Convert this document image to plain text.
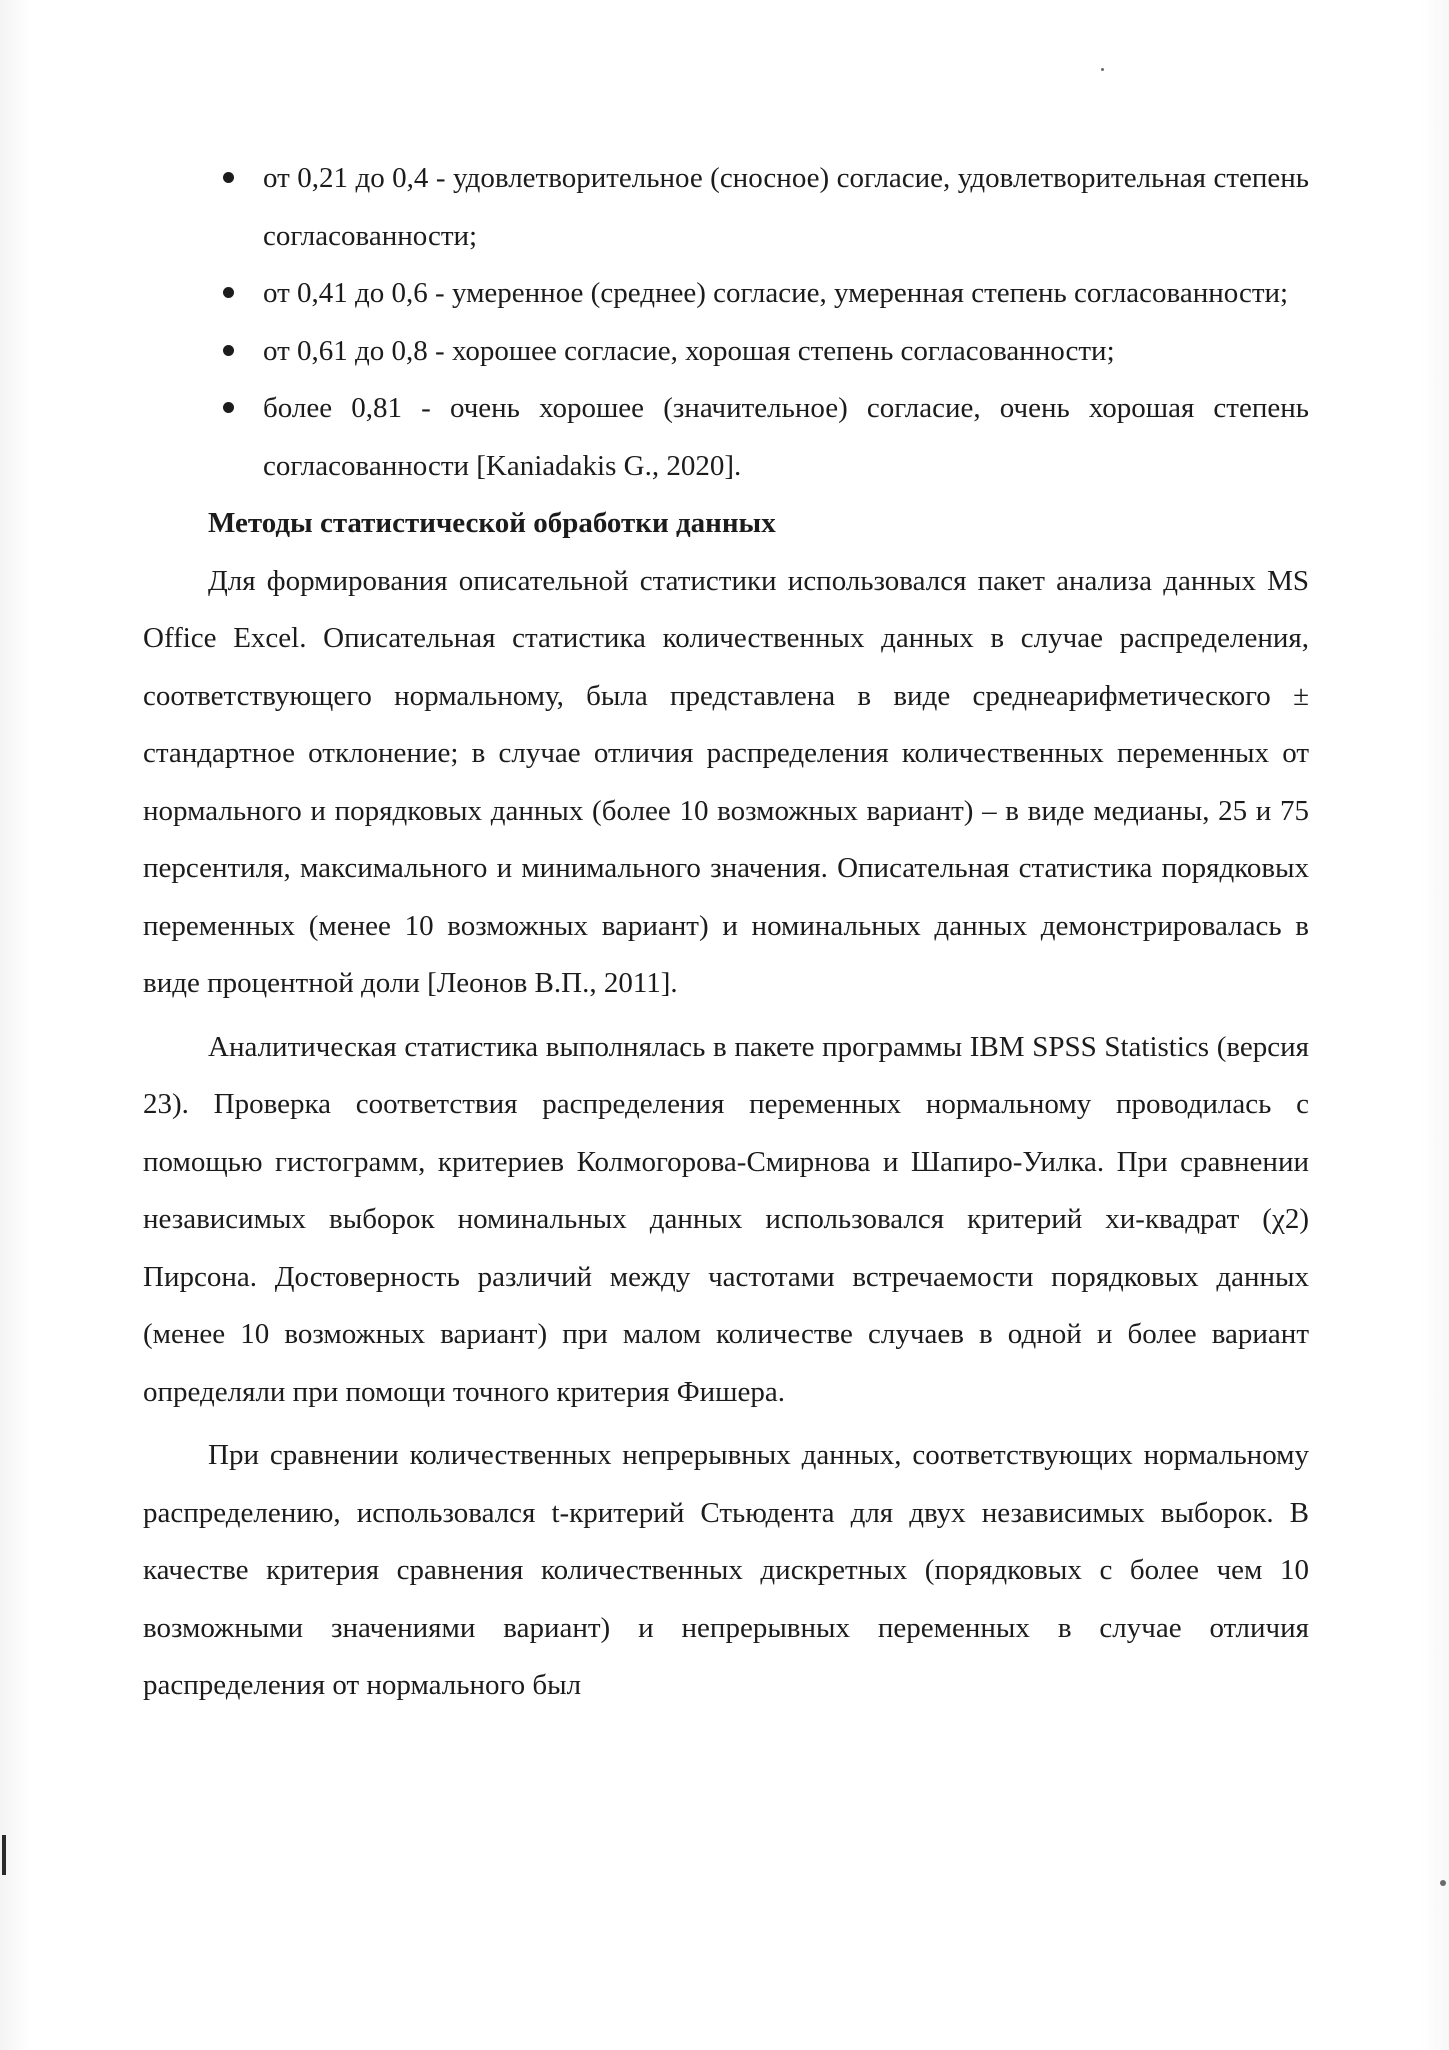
от 0,21 до 0,4 - удовлетворительное (сносное) согласие, удовлетворительная степень согласованности;
от 0,41 до 0,6 - умеренное (среднее) согласие, умеренная степень согласованности;
от 0,61 до 0,8 - хорошее согласие, хорошая степень согласованности;
более 0,81 - очень хорошее (значительное) согласие, очень хорошая степень согласованности [Kaniadakis G., 2020].

Методы статистической обработки данных

Для формирования описательной статистики использовался пакет анализа данных MS Office Excel. Описательная статистика количественных данных в случае распределения, соответствующего нормальному, была представлена в виде среднеарифметического ± стандартное отклонение; в случае отличия распределения количественных переменных от нормального и порядковых данных (более 10 возможных вариант) – в виде медианы, 25 и 75 персентиля, максимального и минимального значения. Описательная статистика порядковых переменных (менее 10 возможных вариант) и номинальных данных демонстрировалась в виде процентной доли [Леонов В.П., 2011].

Аналитическая статистика выполнялась в пакете программы IBM SPSS Statistics (версия 23). Проверка соответствия распределения переменных нормальному проводилась с помощью гистограмм, критериев Колмогорова-Смирнова и Шапиро-Уилка. При сравнении независимых выборок номинальных данных использовался критерий хи-квадрат (χ2) Пирсона. Достоверность различий между частотами встречаемости порядковых данных (менее 10 возможных вариант) при малом количестве случаев в одной и более вариант определяли при помощи точного критерия Фишера.

При сравнении количественных непрерывных данных, соответствующих нормальному распределению, использовался t-критерий Стьюдента для двух независимых выборок. В качестве критерия сравнения количественных дискретных (порядковых с более чем 10 возможными значениями вариант) и непрерывных переменных в случае отличия распределения от нормального был
